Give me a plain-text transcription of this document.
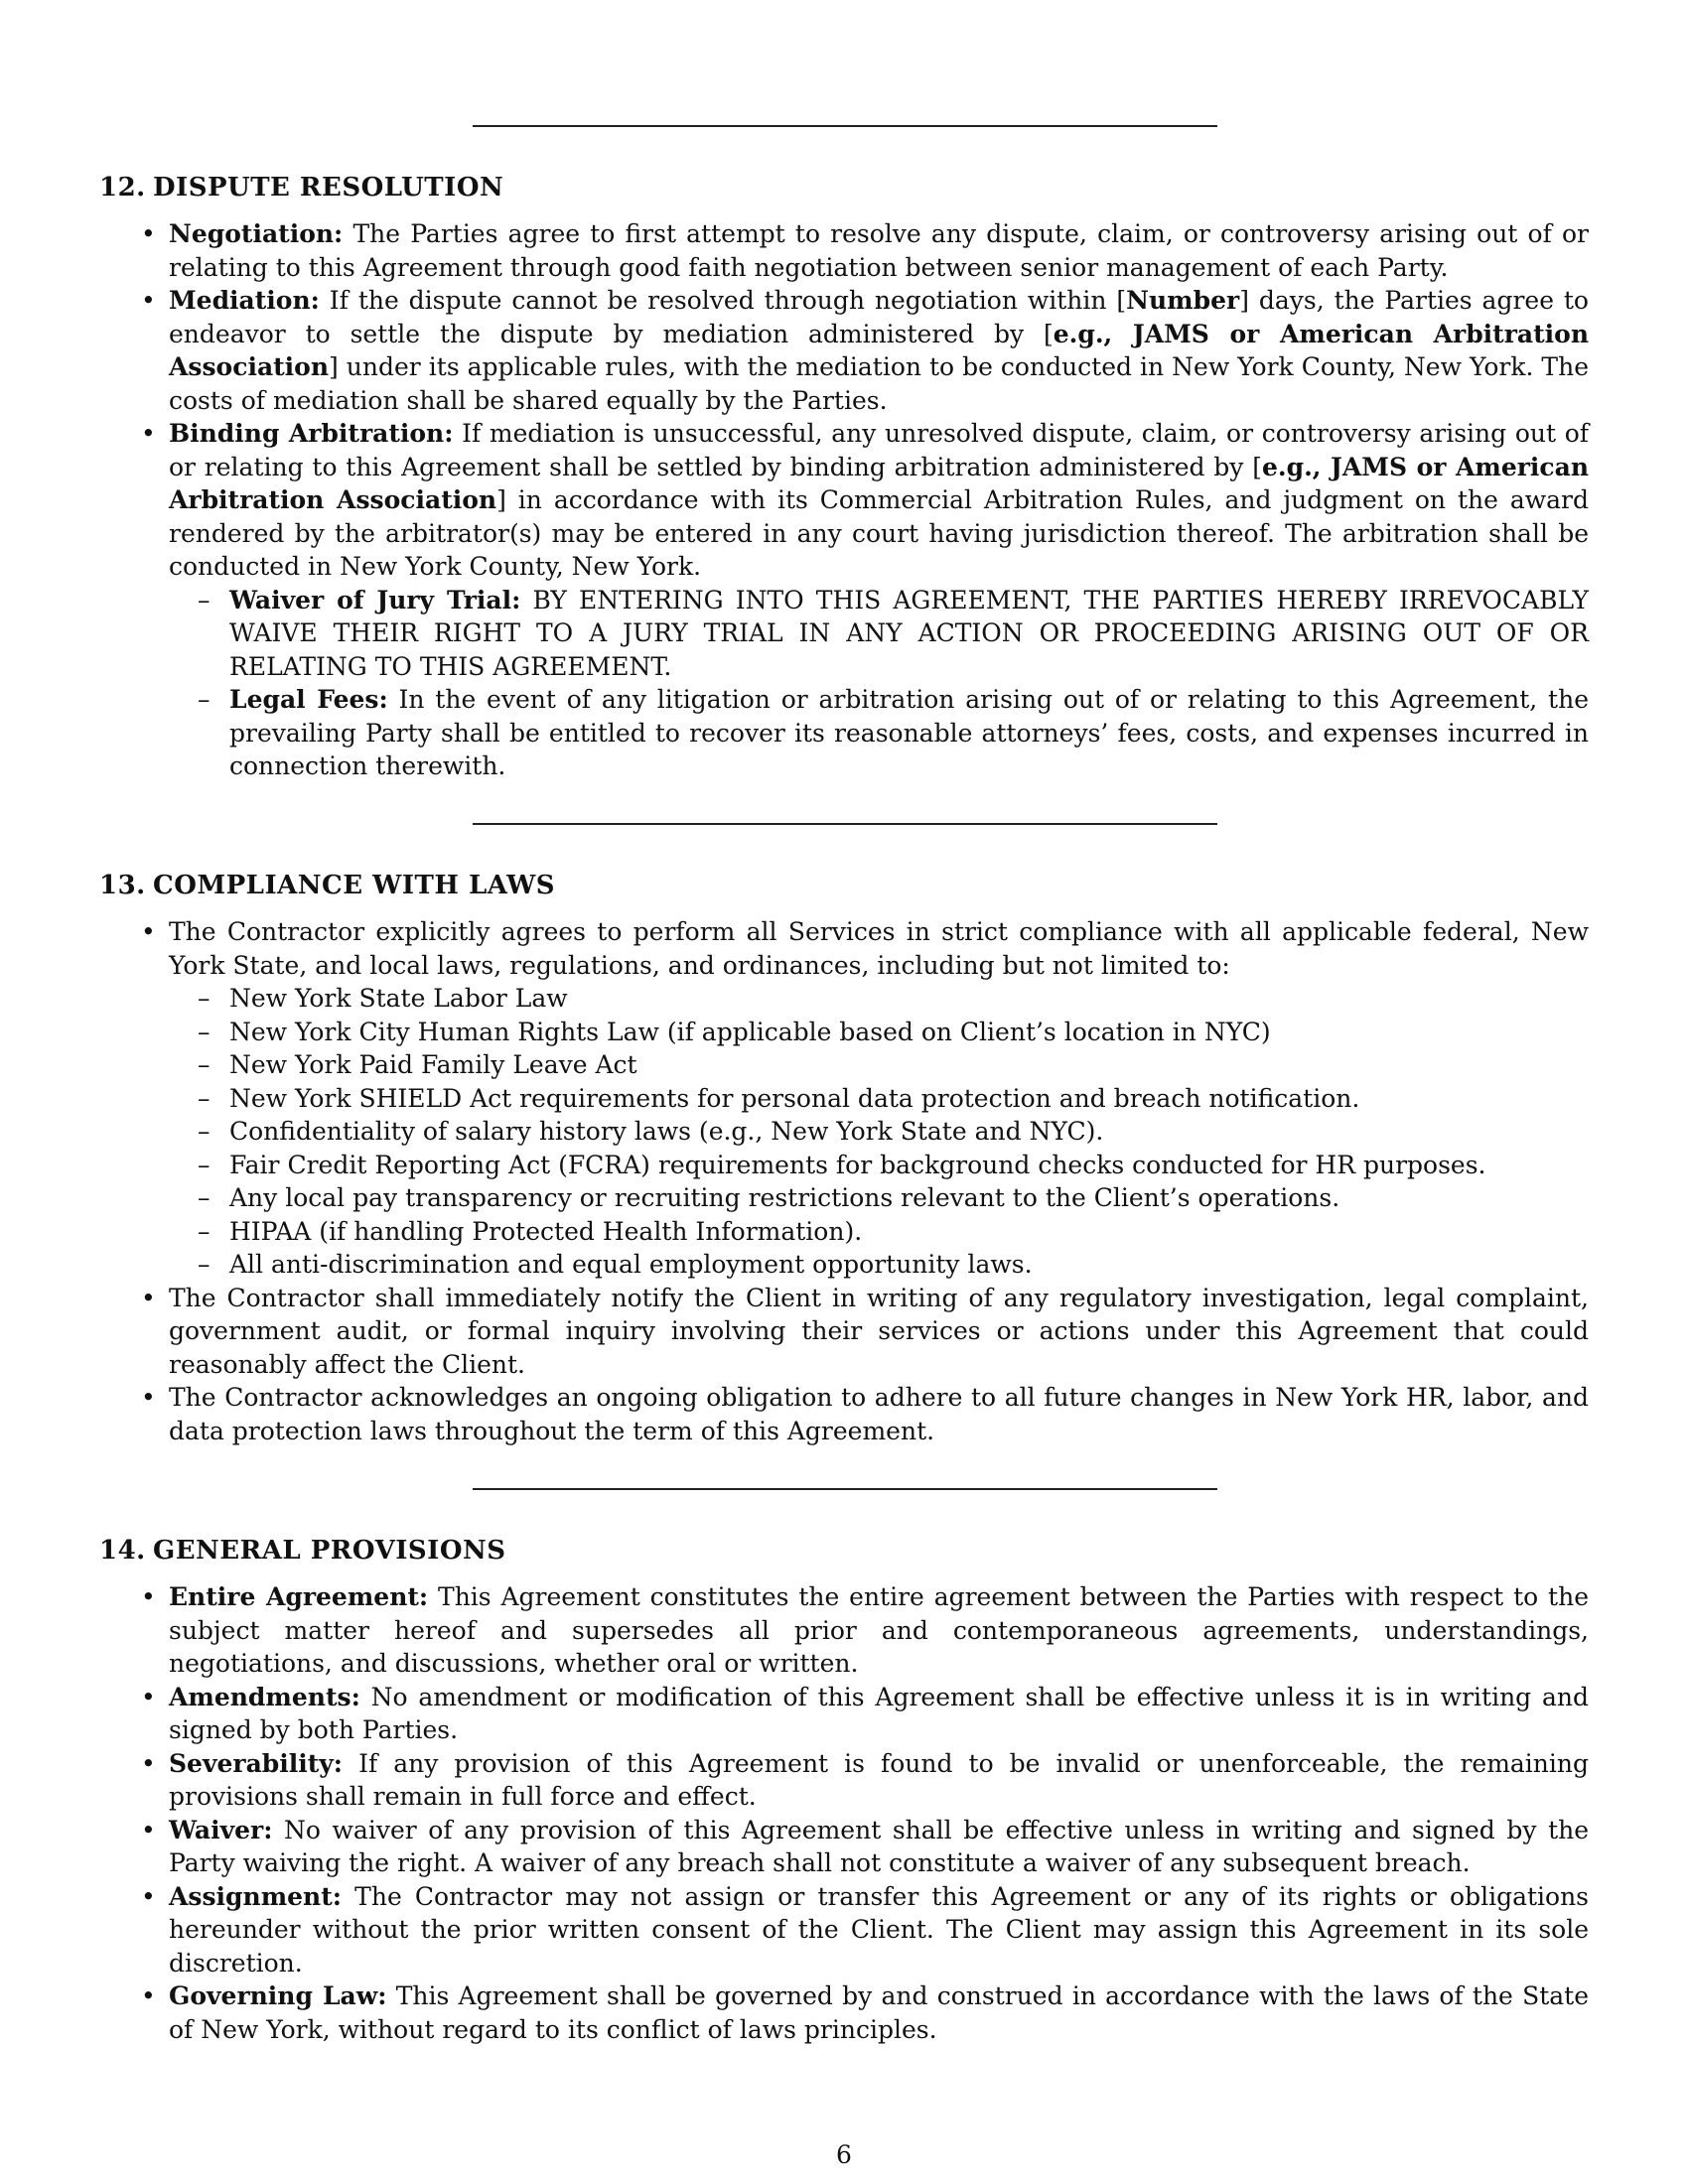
12. DISPUTE RESOLUTION
• Negotiation: The Parties agree to first attempt to resolve any dispute, claim, or controversy arising out of or relating to this Agreement through good faith negotiation between senior management of each Party.
• Mediation: If the dispute cannot be resolved through negotiation within [Number] days, the Parties agree to endeavor to settle the dispute by mediation administered by [e.g., JAMS or American Arbitration Association] under its applicable rules, with the mediation to be conducted in New York County, New York. The costs of mediation shall be shared equally by the Parties.
• Binding Arbitration: If mediation is unsuccessful, any unresolved dispute, claim, or controversy arising out of or relating to this Agreement shall be settled by binding arbitration administered by [e.g., JAMS or American Arbitration Association] in accordance with its Commercial Arbitration Rules, and judgment on the award rendered by the arbitrator(s) may be entered in any court having jurisdiction thereof. The arbitration shall be conducted in New York County, New York.
– Waiver of Jury Trial: BY ENTERING INTO THIS AGREEMENT, THE PARTIES HEREBY IRREVOCABLY WAIVE THEIR RIGHT TO A JURY TRIAL IN ANY ACTION OR PROCEEDING ARISING OUT OF OR RELATING TO THIS AGREEMENT.
– Legal Fees: In the event of any litigation or arbitration arising out of or relating to this Agreement, the prevailing Party shall be entitled to recover its reasonable attorneys’ fees, costs, and expenses incurred in connection therewith.
13. COMPLIANCE WITH LAWS
• The Contractor explicitly agrees to perform all Services in strict compliance with all applicable federal, New York State, and local laws, regulations, and ordinances, including but not limited to:
– New York State Labor Law
– New York City Human Rights Law (if applicable based on Client’s location in NYC)
– New York Paid Family Leave Act
– New York SHIELD Act requirements for personal data protection and breach notification.
– Confidentiality of salary history laws (e.g., New York State and NYC).
– Fair Credit Reporting Act (FCRA) requirements for background checks conducted for HR purposes.
– Any local pay transparency or recruiting restrictions relevant to the Client’s operations.
– HIPAA (if handling Protected Health Information).
– All anti-discrimination and equal employment opportunity laws.
• The Contractor shall immediately notify the Client in writing of any regulatory investigation, legal complaint, government audit, or formal inquiry involving their services or actions under this Agreement that could reasonably affect the Client.
• The Contractor acknowledges an ongoing obligation to adhere to all future changes in New York HR, labor, and data protection laws throughout the term of this Agreement.
14. GENERAL PROVISIONS
• Entire Agreement: This Agreement constitutes the entire agreement between the Parties with respect to the subject matter hereof and supersedes all prior and contemporaneous agreements, understandings, negotiations, and discussions, whether oral or written.
• Amendments: No amendment or modification of this Agreement shall be effective unless it is in writing and signed by both Parties.
• Severability: If any provision of this Agreement is found to be invalid or unenforceable, the remaining provisions shall remain in full force and effect.
• Waiver: No waiver of any provision of this Agreement shall be effective unless in writing and signed by the Party waiving the right. A waiver of any breach shall not constitute a waiver of any subsequent breach.
• Assignment: The Contractor may not assign or transfer this Agreement or any of its rights or obligations hereunder without the prior written consent of the Client. The Client may assign this Agreement in its sole discretion.
• Governing Law: This Agreement shall be governed by and construed in accordance with the laws of the State of New York, without regard to its conflict of laws principles.
6
